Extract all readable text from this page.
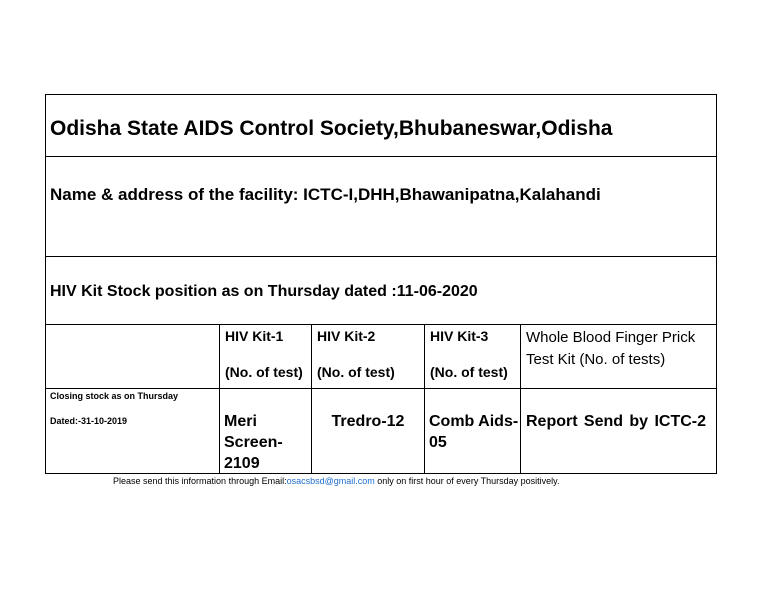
Odisha State AIDS Control Society,Bhubaneswar,Odisha
Name & address of the facility: ICTC-I,DHH,Bhawanipatna,Kalahandi
HIV Kit Stock position as on Thursday dated :11-06-2020
HIV Kit-1
(No. of test)
HIV Kit-2
(No. of test)
HIV Kit-3
(No. of test)
Whole Blood Finger Prick Test Kit (No. of tests)
Closing stock as on Thursday
Dated:-31-10-2019	Meri Screen-2109
Tredro-12	Comb Aids-05
Report Send by ICTC-2
Please send this information through Email:osacsbsd@gmail.com only on first hour of every Thursday positively.
